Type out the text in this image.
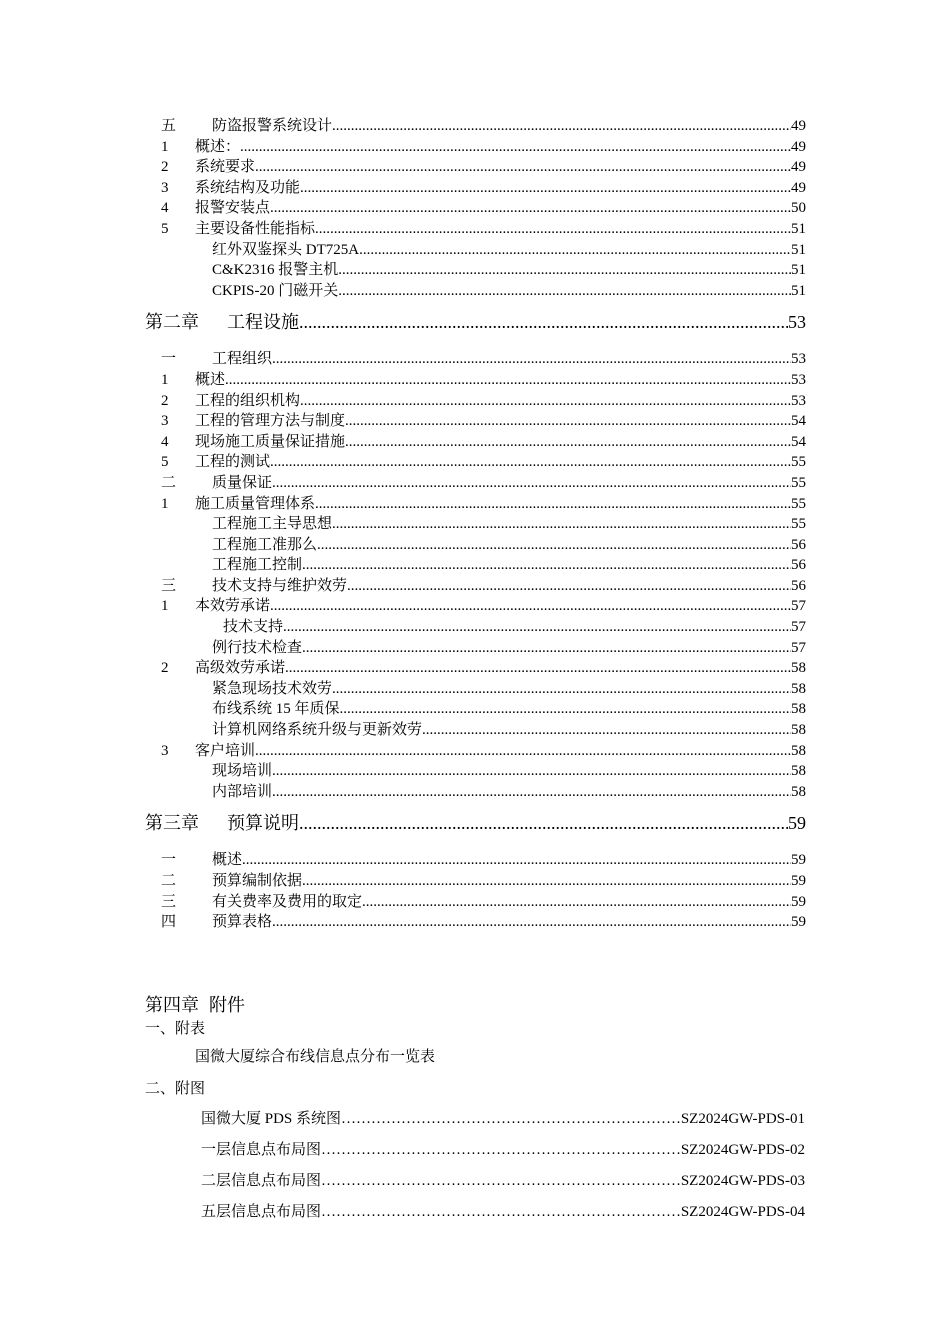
五	防盗报警系统设计 .....	49
1	概述： .....	49
2	系统要求 .....	49
3	系统结构及功能 .....	49
4	报警安装点 .....	50
5	主要设备性能指标 .....	51
红外双鉴探头 DT725A .....	51
C&K2316 报警主机 .....	51
CKPIS-20 门磁开关 .....	51
第二章	工程设施 .....	53
一	工程组织 .....	53
1	概述 .....	53
2	工程的组织机构 .....	53
3	工程的管理方法与制度 .....	54
4	现场施工质量保证措施 .....	54
5	工程的测试 .....	55
二	质量保证 .....	55
1	施工质量管理体系 .....	55
工程施工主导思想 .....	55
工程施工准那么 .....	56
工程施工控制 .....	56
三	技术支持与维护效劳 .....	56
1	本效劳承诺 .....	57
技术支持 .....	57
例行技术检查 .....	57
2	高级效劳承诺 .....	58
紧急现场技术效劳 .....	58
布线系统 15 年质保 .....	58
计算机网络系统升级与更新效劳 .....	58
3	客户培训 .....	58
现场培训 .....	58
内部培训 .....	58
第三章	预算说明 .....	59
一	概述 .....	59
二	预算编制依据 .....	59
三	有关费率及费用的取定 .....	59
四	预算表格 .....	59
第四章 附件
一、附表
国微大厦综合布线信息点分布一览表
二、附图
国微大厦 PDS 系统图 …………………………………………………………………………………………………………………………………………………	SZ2024GW-PDS-01
一层信息点布局图 …………………………………………………………………………………………………………………………………………………	SZ2024GW-PDS-02
二层信息点布局图 …………………………………………………………………………………………………………………………………………………	SZ2024GW-PDS-03
五层信息点布局图 …………………………………………………………………………………………………………………………………………………	SZ2024GW-PDS-04
